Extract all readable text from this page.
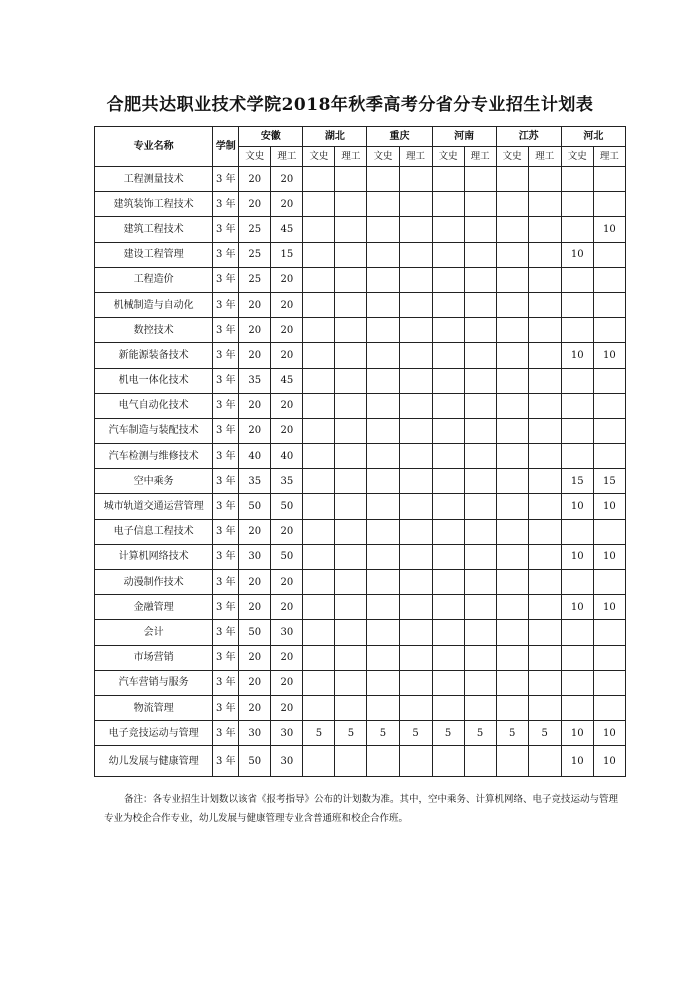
合肥共达职业技术学院2018年秋季高考分省分专业招生计划表
专业名称	学制	安徽		湖北		重庆		河南		江苏		河北	
		文史	理工	文史	理工	文史	理工	文史	理工	文史	理工	文史	理工
工程测量技术	3 年	20	20										
建筑装饰工程技术	3 年	20	20										
建筑工程技术	3 年	25	45										10
建设工程管理	3 年	25	15									10	
工程造价	3 年	25	20										
机械制造与自动化	3 年	20	20										
数控技术	3 年	20	20										
新能源装备技术	3 年	20	20									10	10
机电一体化技术	3 年	35	45										
电气自动化技术	3 年	20	20										
汽车制造与装配技术	3 年	20	20										
汽车检测与维修技术	3 年	40	40										
空中乘务	3 年	35	35									15	15
城市轨道交通运营管理	3 年	50	50									10	10
电子信息工程技术	3 年	20	20										
计算机网络技术	3 年	30	50									10	10
动漫制作技术	3 年	20	20										
金融管理	3 年	20	20									10	10
会计	3 年	50	30										
市场营销	3 年	20	20										
汽车营销与服务	3 年	20	20										
物流管理	3 年	20	20										
电子竞技运动与管理	3 年	30	30	5	5	5	5	5	5	5	5	10	10
幼儿发展与健康管理	3 年	50	30									10	10
备注：各专业招生计划数以该省《报考指导》公布的计划数为准。其中，空中乘务、计算机网络、电子竞技运动与管理专业为校企合作专业，幼儿发展与健康管理专业含普通班和校企合作班。
